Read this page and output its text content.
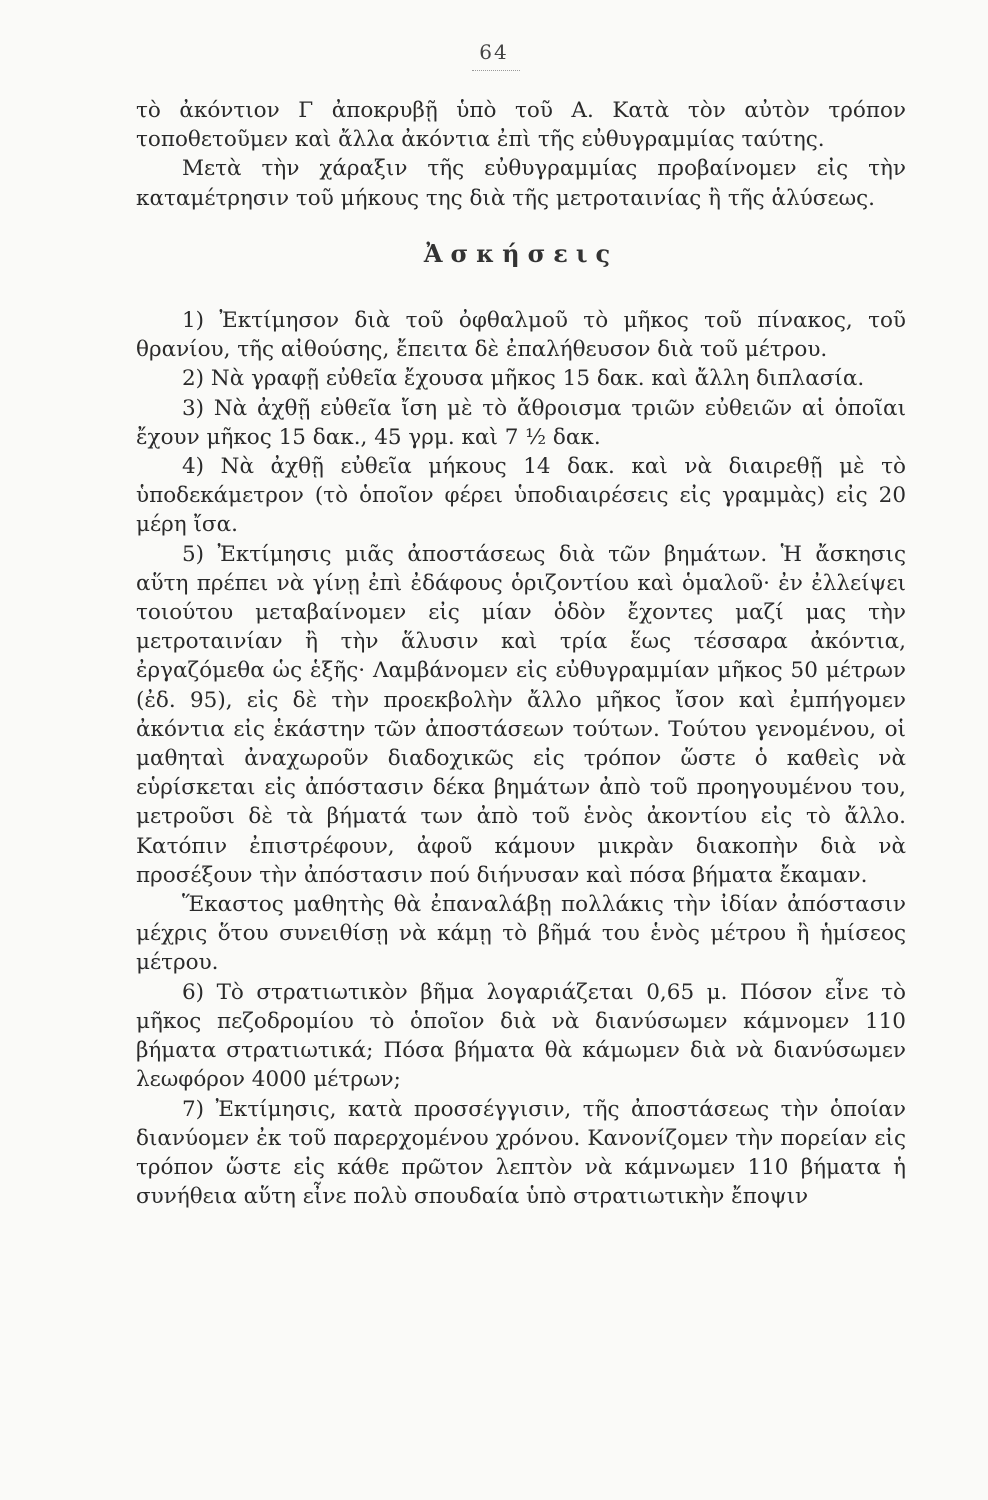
64

τὸ ἀκόντιον Γ ἀποκρυβῇ ὑπὸ τοῦ Α. Κατὰ τὸν αὐτὸν τρόπον τοποθετοῦμεν καὶ ἄλλα ἀκόντια ἐπὶ τῆς εὐθυγραμμίας ταύτης.

Μετὰ τὴν χάραξιν τῆς εὐθυγραμμίας προβαίνομεν εἰς τὴν καταμέτρησιν τοῦ μήκους της διὰ τῆς μετροταινίας ἢ τῆς ἁλύσεως.

Ἀσκήσεις

1) Ἐκτίμησον διὰ τοῦ ὀφθαλμοῦ τὸ μῆκος τοῦ πίνακος, τοῦ θρανίου, τῆς αἰθούσης, ἔπειτα δὲ ἐπαλήθευσον διὰ τοῦ μέτρου.

2) Νὰ γραφῇ εὐθεῖα ἔχουσα μῆκος 15 δακ. καὶ ἄλλη διπλασία.

3) Νὰ ἀχθῇ εὐθεῖα ἴση μὲ τὸ ἄθροισμα τριῶν εὐθειῶν αἱ ὁποῖαι ἔχουν μῆκος 15 δακ., 45 γρμ. καὶ 7 ½ δακ.

4) Νὰ ἀχθῇ εὐθεῖα μήκους 14 δακ. καὶ νὰ διαιρεθῇ μὲ τὸ ὑποδεκάμετρον (τὸ ὁποῖον φέρει ὑποδιαιρέσεις εἰς γραμμὰς) εἰς 20 μέρη ἴσα.

5) Ἐκτίμησις μιᾶς ἀποστάσεως διὰ τῶν βημάτων. Ἡ ἄσκησις αὕτη πρέπει νὰ γίνῃ ἐπὶ ἐδάφους ὁριζοντίου καὶ ὁμαλοῦ· ἐν ἐλλείψει τοιούτου μεταβαίνομεν εἰς μίαν ὁδὸν ἔχοντες μαζί μας τὴν μετροταινίαν ἢ τὴν ἅλυσιν καὶ τρία ἕως τέσσαρα ἀκόντια, ἐργαζόμεθα ὡς ἑξῆς· Λαμβάνομεν εἰς εὐθυγραμμίαν μῆκος 50 μέτρων (ἐδ. 95), εἰς δὲ τὴν προεκβολὴν ἄλλο μῆκος ἴσον καὶ ἐμπήγομεν ἀκόντια εἰς ἑκάστην τῶν ἀποστάσεων τούτων. Τούτου γενομένου, οἱ μαθηταὶ ἀναχωροῦν διαδοχικῶς εἰς τρόπον ὥστε ὁ καθεὶς νὰ εὑρίσκεται εἰς ἀπόστασιν δέκα βημάτων ἀπὸ τοῦ προηγουμένου του, μετροῦσι δὲ τὰ βήματά των ἀπὸ τοῦ ἑνὸς ἀκοντίου εἰς τὸ ἄλλο. Κατόπιν ἐπιστρέφουν, ἀφοῦ κάμουν μικρὰν διακοπὴν διὰ νὰ προσέξουν τὴν ἀπόστασιν πού διήνυσαν καὶ πόσα βήματα ἔκαμαν.

Ἕκαστος μαθητὴς θὰ ἐπαναλάβῃ πολλάκις τὴν ἰδίαν ἀπόστασιν μέχρις ὅτου συνειθίσῃ νὰ κάμῃ τὸ βῆμά του ἑνὸς μέτρου ἢ ἡμίσεος μέτρου.

6) Τὸ στρατιωτικὸν βῆμα λογαριάζεται 0,65 μ. Πόσον εἶνε τὸ μῆκος πεζοδρομίου τὸ ὁποῖον διὰ νὰ διανύσωμεν κάμνομεν 110 βήματα στρατιωτικά; Πόσα βήματα θὰ κάμωμεν διὰ νὰ διανύσωμεν λεωφόρον 4000 μέτρων;

7) Ἐκτίμησις, κατὰ προσσέγγισιν, τῆς ἀποστάσεως τὴν ὁποίαν διανύομεν ἐκ τοῦ παρερχομένου χρόνου. Κανονίζομεν τὴν πορείαν εἰς τρόπον ὥστε εἰς κάθε πρῶτον λεπτὸν νὰ κάμνωμεν 110 βήματα ἡ συνήθεια αὕτη εἶνε πολὺ σπουδαία ὑπὸ στρατιωτικὴν ἔποψιν
